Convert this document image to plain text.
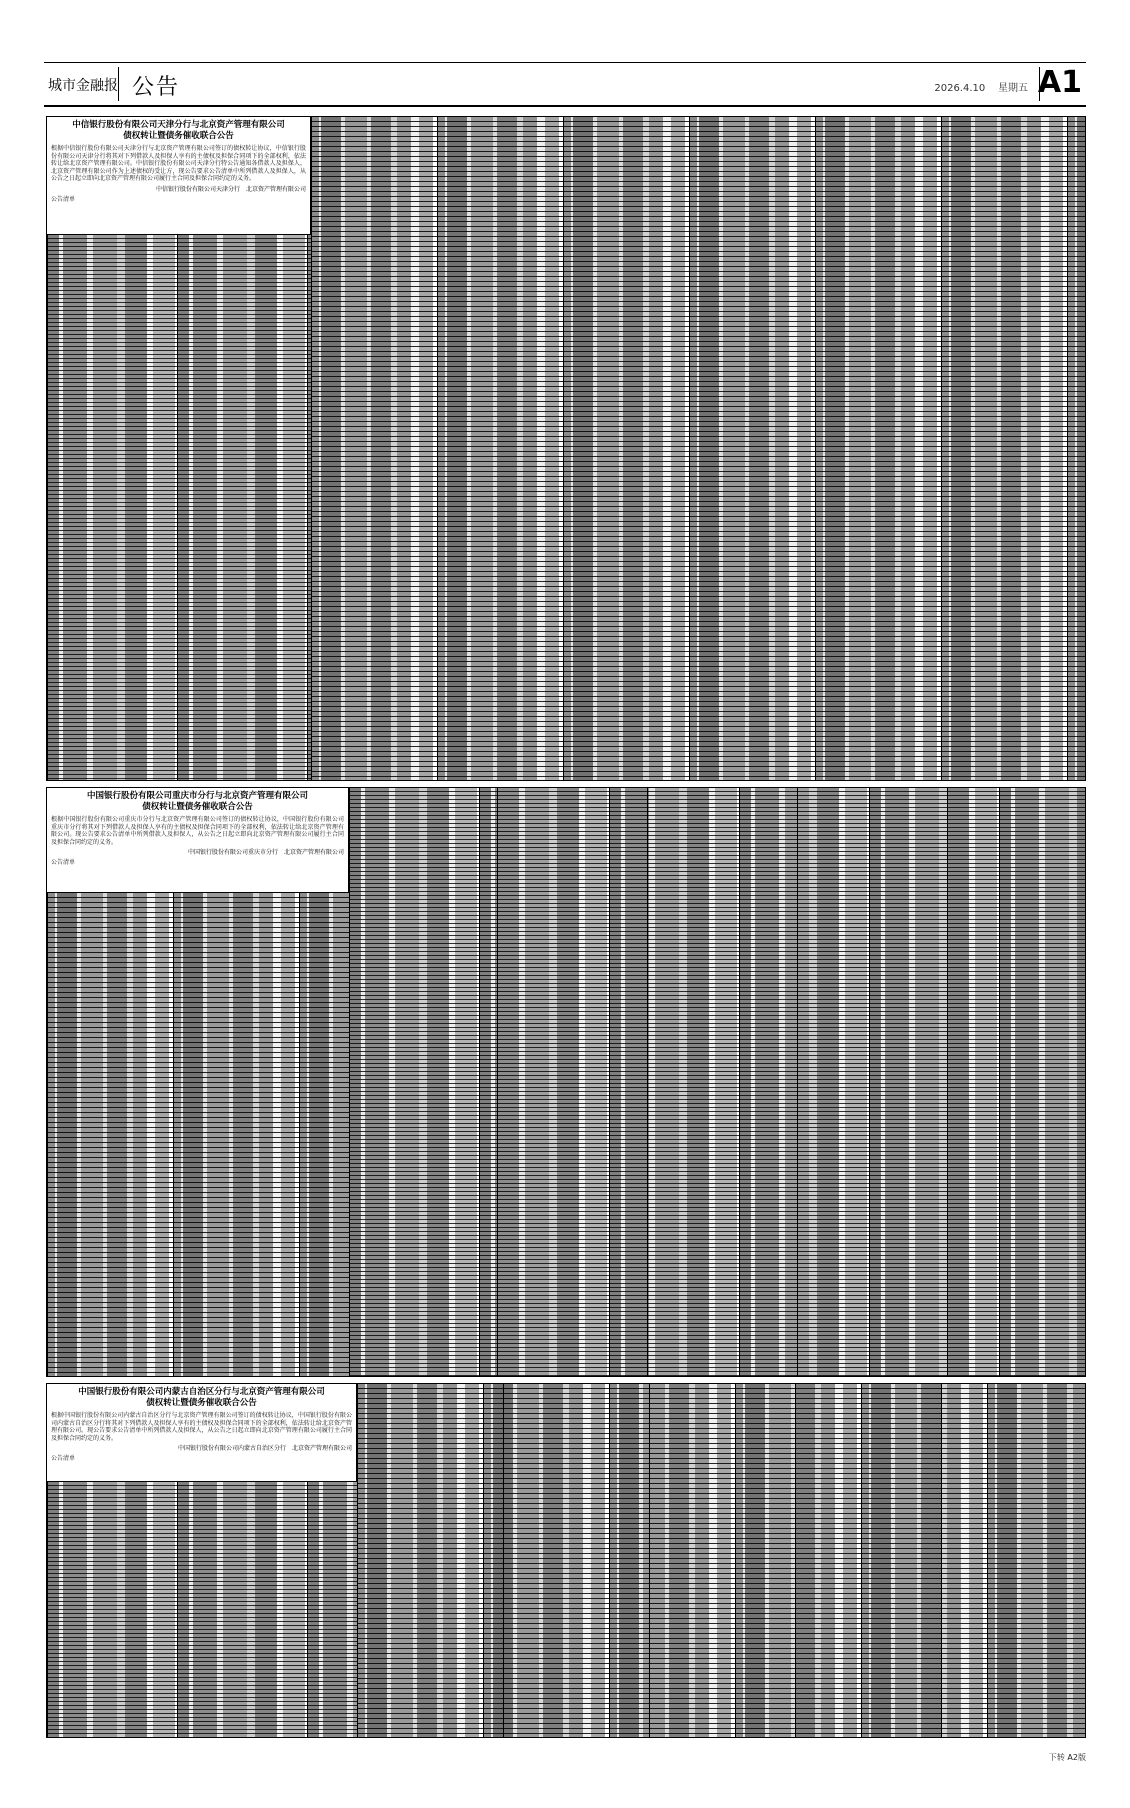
城市金融报 公告	2026.4.10 星期五 A1
中信银行股份有限公司天津分行与北京资产管理有限公司
债权转让暨债务催收联合公告
根据中信银行股份有限公司天津分行与北京资产管理有限公司签订的债权转让协议，中信银行股份有限公司天津分行将其对下列借款人及担保人享有的主债权及担保合同项下的全部权利，依法转让给北京资产管理有限公司。中信银行股份有限公司天津分行特公告通知各借款人及担保人，北京资产管理有限公司作为上述债权的受让方，现公告要求公告清单中所列借款人及担保人，从公告之日起立即向北京资产管理有限公司履行主合同及担保合同约定的义务。
中信银行股份有限公司天津分行　北京资产管理有限公司
公告清单
中国银行股份有限公司重庆市分行与北京资产管理有限公司
债权转让暨债务催收联合公告
根据中国银行股份有限公司重庆市分行与北京资产管理有限公司签订的债权转让协议，中国银行股份有限公司重庆市分行将其对下列借款人及担保人享有的主债权及担保合同项下的全部权利，依法转让给北京资产管理有限公司。现公告要求公告清单中所列借款人及担保人，从公告之日起立即向北京资产管理有限公司履行主合同及担保合同约定的义务。
中国银行股份有限公司重庆市分行　北京资产管理有限公司
公告清单
中国银行股份有限公司内蒙古自治区分行与北京资产管理有限公司
债权转让暨债务催收联合公告
根据中国银行股份有限公司内蒙古自治区分行与北京资产管理有限公司签订的债权转让协议，中国银行股份有限公司内蒙古自治区分行将其对下列借款人及担保人享有的主债权及担保合同项下的全部权利，依法转让给北京资产管理有限公司。现公告要求公告清单中所列借款人及担保人，从公告之日起立即向北京资产管理有限公司履行主合同及担保合同约定的义务。
中国银行股份有限公司内蒙古自治区分行　北京资产管理有限公司
公告清单
下转 A2版
